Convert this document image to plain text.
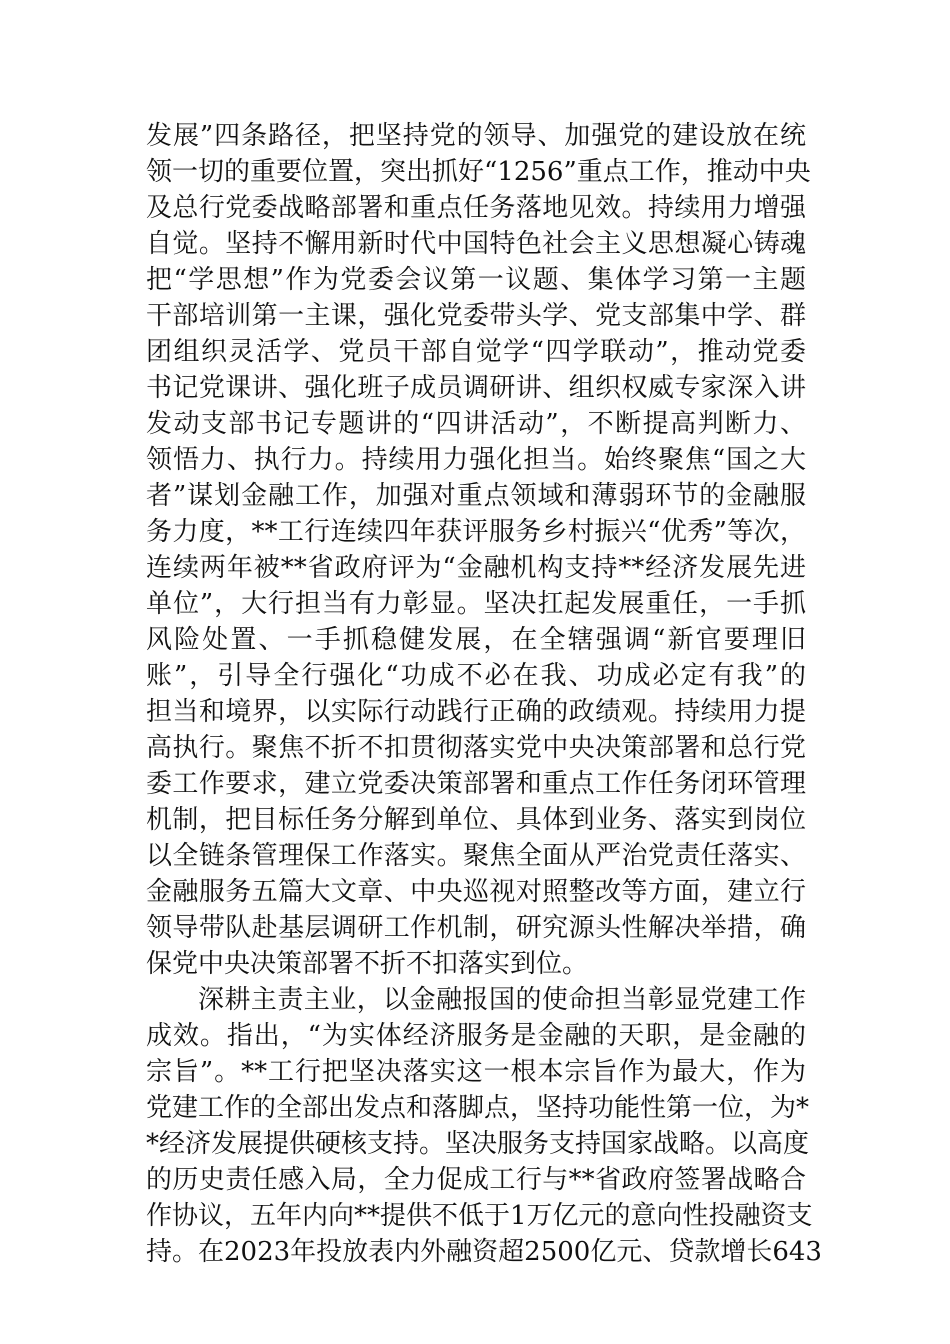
发展”四条路径，把坚持党的领导、加强党的建设放在统
领一切的重要位置，突出抓好“1256”重点工作，推动中央
及总行党委战略部署和重点任务落地见效。持续用力增强
自觉。坚持不懈用新时代中国特色社会主义思想凝心铸魂
把“学思想”作为党委会议第一议题、集体学习第一主题
干部培训第一主课，强化党委带头学、党支部集中学、群
团组织灵活学、党员干部自觉学“四学联动”，推动党委
书记党课讲、强化班子成员调研讲、组织权威专家深入讲
发动支部书记专题讲的“四讲活动”，不断提高判断力、
领悟力、执行力。持续用力强化担当。始终聚焦“国之大
者”谋划金融工作，加强对重点领域和薄弱环节的金融服
务力度，**工行连续四年获评服务乡村振兴“优秀”等次，
连续两年被**省政府评为“金融机构支持**经济发展先进
单位”，大行担当有力彰显。坚决扛起发展重任，一手抓
风险处置、一手抓稳健发展，在全辖强调“新官要理旧
账”，引导全行强化“功成不必在我、功成必定有我”的
担当和境界，以实际行动践行正确的政绩观。持续用力提
高执行。聚焦不折不扣贯彻落实党中央决策部署和总行党
委工作要求，建立党委决策部署和重点工作任务闭环管理
机制，把目标任务分解到单位、具体到业务、落实到岗位
以全链条管理保工作落实。聚焦全面从严治党责任落实、
金融服务五篇大文章、中央巡视对照整改等方面，建立行
领导带队赴基层调研工作机制，研究源头性解决举措，确
保党中央决策部署不折不扣落实到位。
深耕主责主业，以金融报国的使命担当彰显党建工作
成效。指出，“为实体经济服务是金融的天职，是金融的
宗旨”。**工行把坚决落实这一根本宗旨作为最大，作为
党建工作的全部出发点和落脚点，坚持功能性第一位，为*
*经济发展提供硬核支持。坚决服务支持国家战略。以高度
的历史责任感入局，全力促成工行与**省政府签署战略合
作协议，五年内向**提供不低于1万亿元的意向性投融资支
持。在2023年投放表内外融资超2500亿元、贷款增长643
